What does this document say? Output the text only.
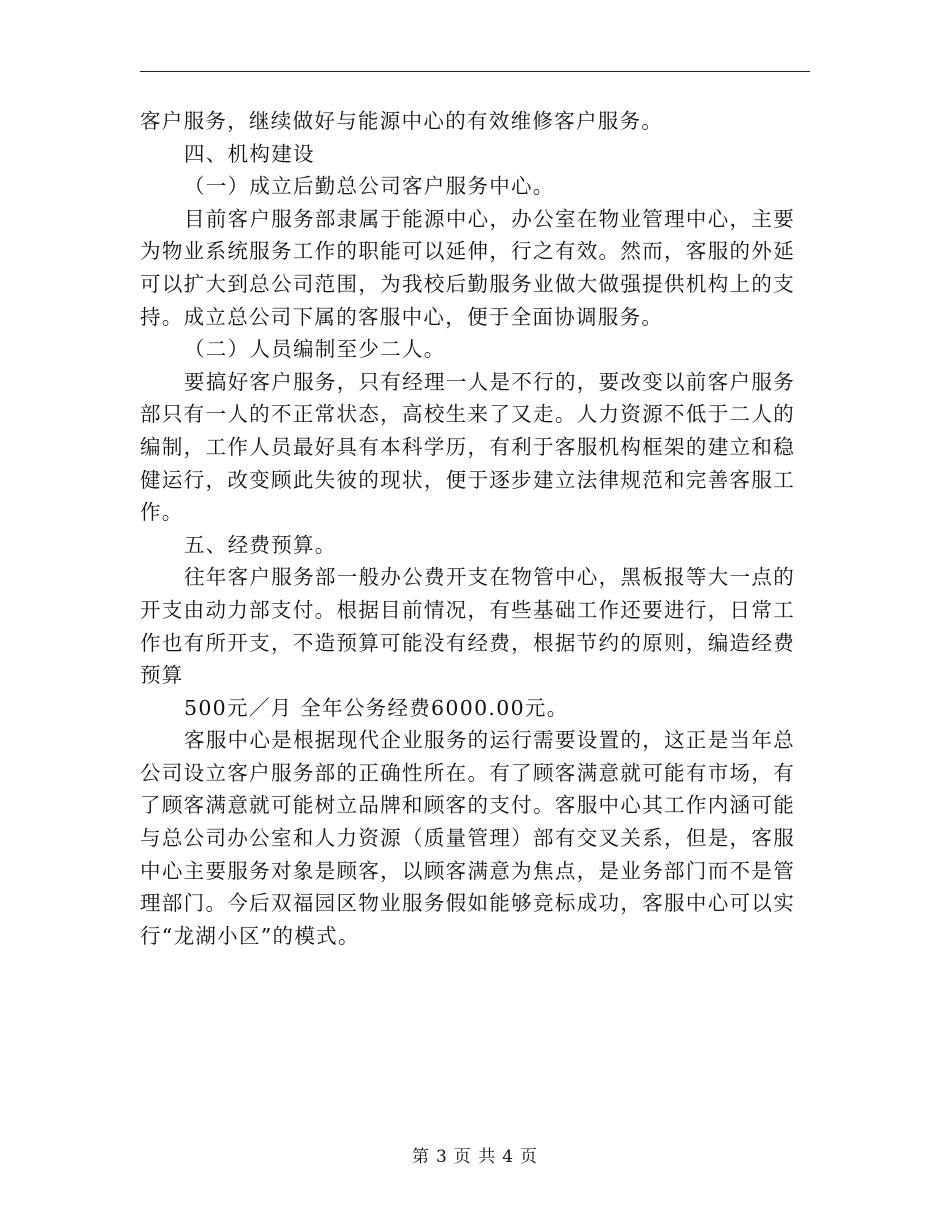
客户服务，继续做好与能源中心的有效维修客户服务。

四、机构建设

（一）成立后勤总公司客户服务中心。

目前客户服务部隶属于能源中心，办公室在物业管理中心，主要为物业系统服务工作的职能可以延伸，行之有效。然而，客服的外延可以扩大到总公司范围，为我校后勤服务业做大做强提供机构上的支持。成立总公司下属的客服中心，便于全面协调服务。

（二）人员编制至少二人。

要搞好客户服务，只有经理一人是不行的，要改变以前客户服务部只有一人的不正常状态，高校生来了又走。人力资源不低于二人的编制，工作人员最好具有本科学历，有利于客服机构框架的建立和稳健运行，改变顾此失彼的现状，便于逐步建立法律规范和完善客服工作。

五、经费预算。

往年客户服务部一般办公费开支在物管中心，黑板报等大一点的开支由动力部支付。根据目前情况，有些基础工作还要进行，日常工作也有所开支，不造预算可能没有经费，根据节约的原则，编造经费预算

500元／月 全年公务经费6000.00元。

客服中心是根据现代企业服务的运行需要设置的，这正是当年总公司设立客户服务部的正确性所在。有了顾客满意就可能有市场，有了顾客满意就可能树立品牌和顾客的支付。客服中心其工作内涵可能与总公司办公室和人力资源（质量管理）部有交叉关系，但是，客服中心主要服务对象是顾客，以顾客满意为焦点，是业务部门而不是管理部门。今后双福园区物业服务假如能够竞标成功，客服中心可以实行“龙湖小区”的模式。

第 3 页 共 4 页
